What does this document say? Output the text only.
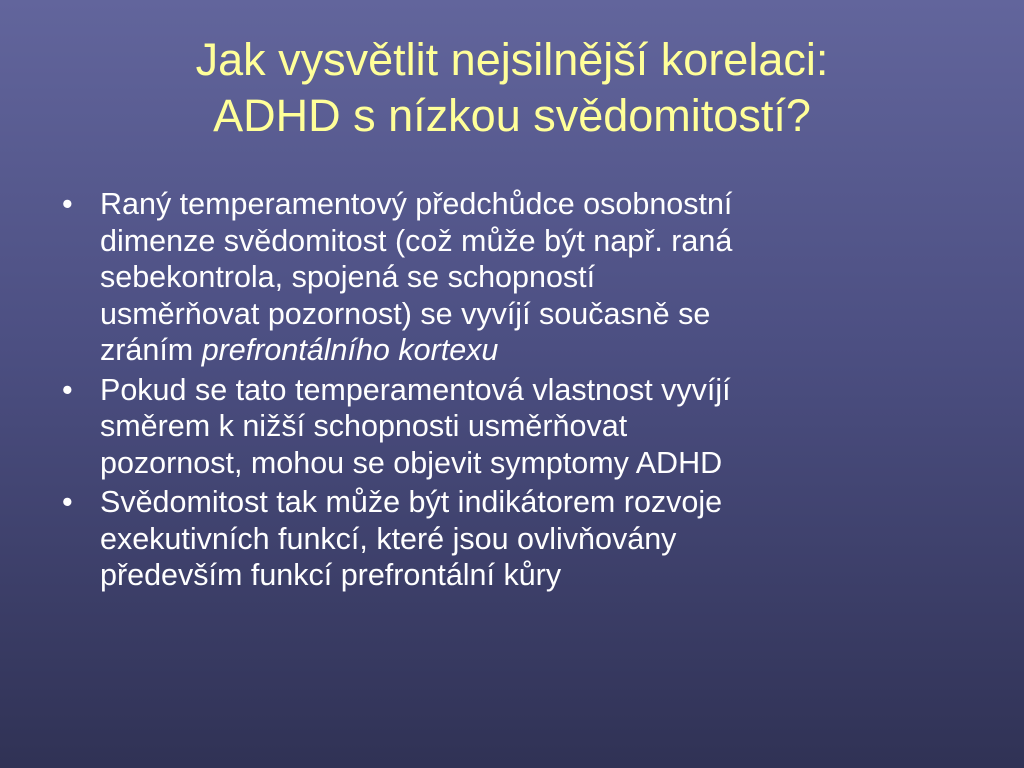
Jak vysvětlit nejsilnější korelaci:
ADHD s nízkou svědomitostí?
• Raný temperamentový předchůdce osobnostní
dimenze svědomitost (což může být např. raná
sebekontrola, spojená se schopností
usměrňovat pozornost) se vyvíjí současně se
zráním prefrontálního kortexu
• Pokud se tato temperamentová vlastnost vyvíjí
směrem k nižší schopnosti usměrňovat
pozornost, mohou se objevit symptomy ADHD
• Svědomitost tak může být indikátorem rozvoje
exekutivních funkcí, které jsou ovlivňovány
především funkcí prefrontální kůry
